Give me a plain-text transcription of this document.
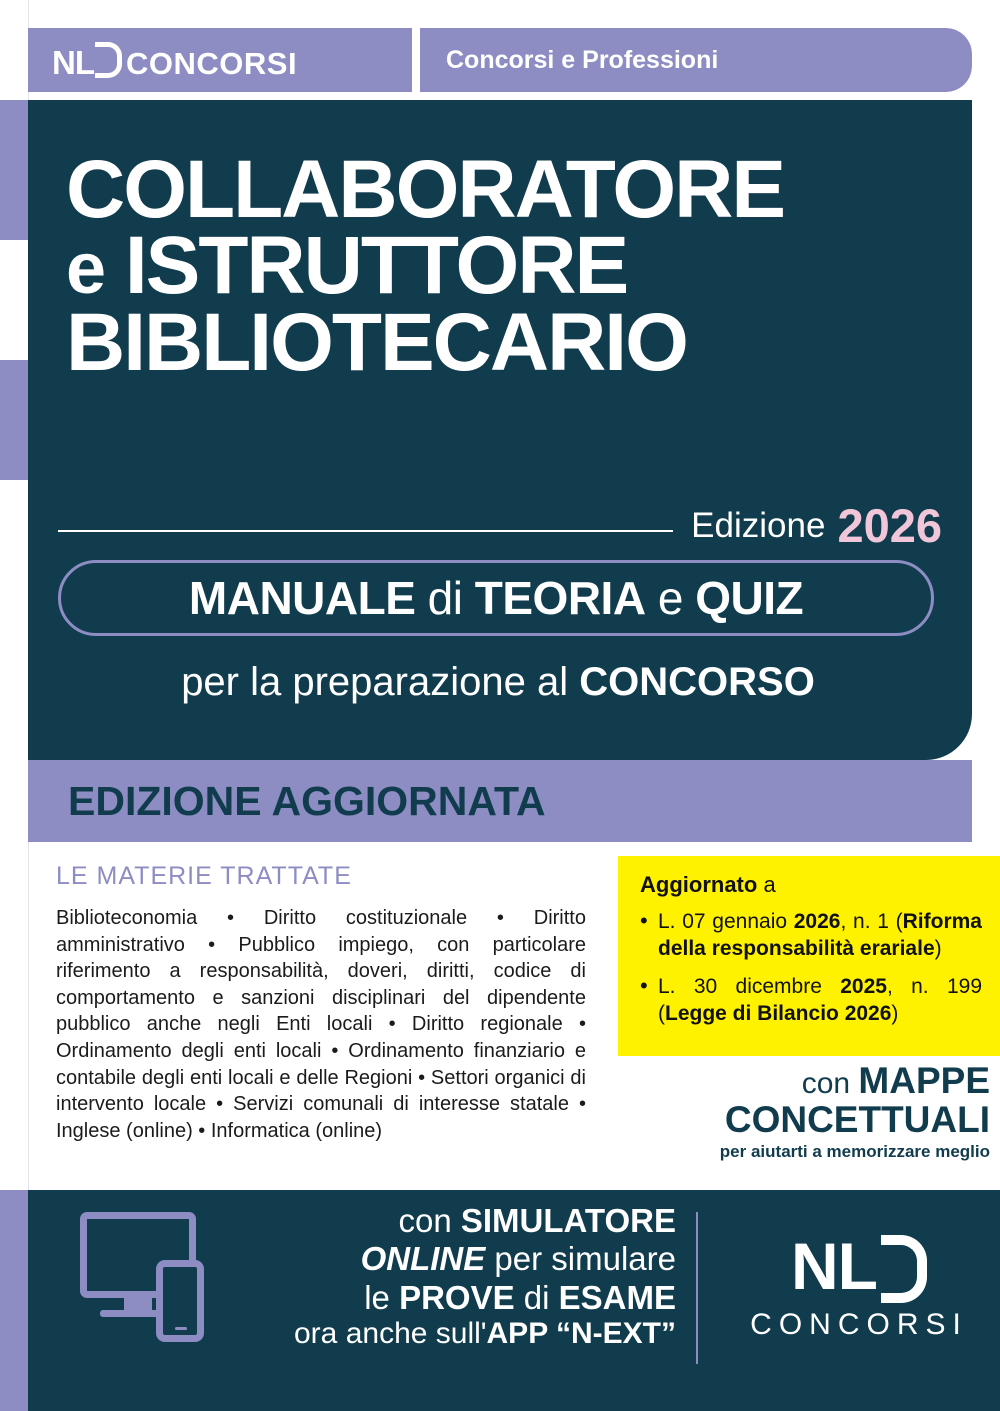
NL CONCORSI	Concorsi e Professioni
COLLABORATORE
e ISTRUTTORE
BIBLIOTECARIO
Edizione 2026
MANUALE di TEORIA e QUIZ
per la preparazione al CONCORSO
EDIZIONE AGGIORNATA
LE MATERIE TRATTATE
Biblioteconomia • Diritto costituzionale • Diritto amministrativo • Pubblico impiego, con particolare riferimento a responsabilità, doveri, diritti, codice di comportamento e sanzioni disciplinari del dipendente pubblico anche negli Enti locali • Diritto regionale • Ordinamento degli enti locali • Ordinamento finanziario e contabile degli enti locali e delle Regioni • Settori organici di intervento locale • Servizi comunali di interesse statale • Inglese (online) • Informatica (online)
Aggiornato a
• L. 07 gennaio 2026, n. 1 (Riforma della responsabilità erariale)
• L. 30 dicembre 2025, n. 199 (Legge di Bilancio 2026)
con MAPPE
CONCETTUALI
per aiutarti a memorizzare meglio
con SIMULATORE
ONLINE per simulare
le PROVE di ESAME
ora anche sull'APP “N-EXT”
NL
CONCORSI
